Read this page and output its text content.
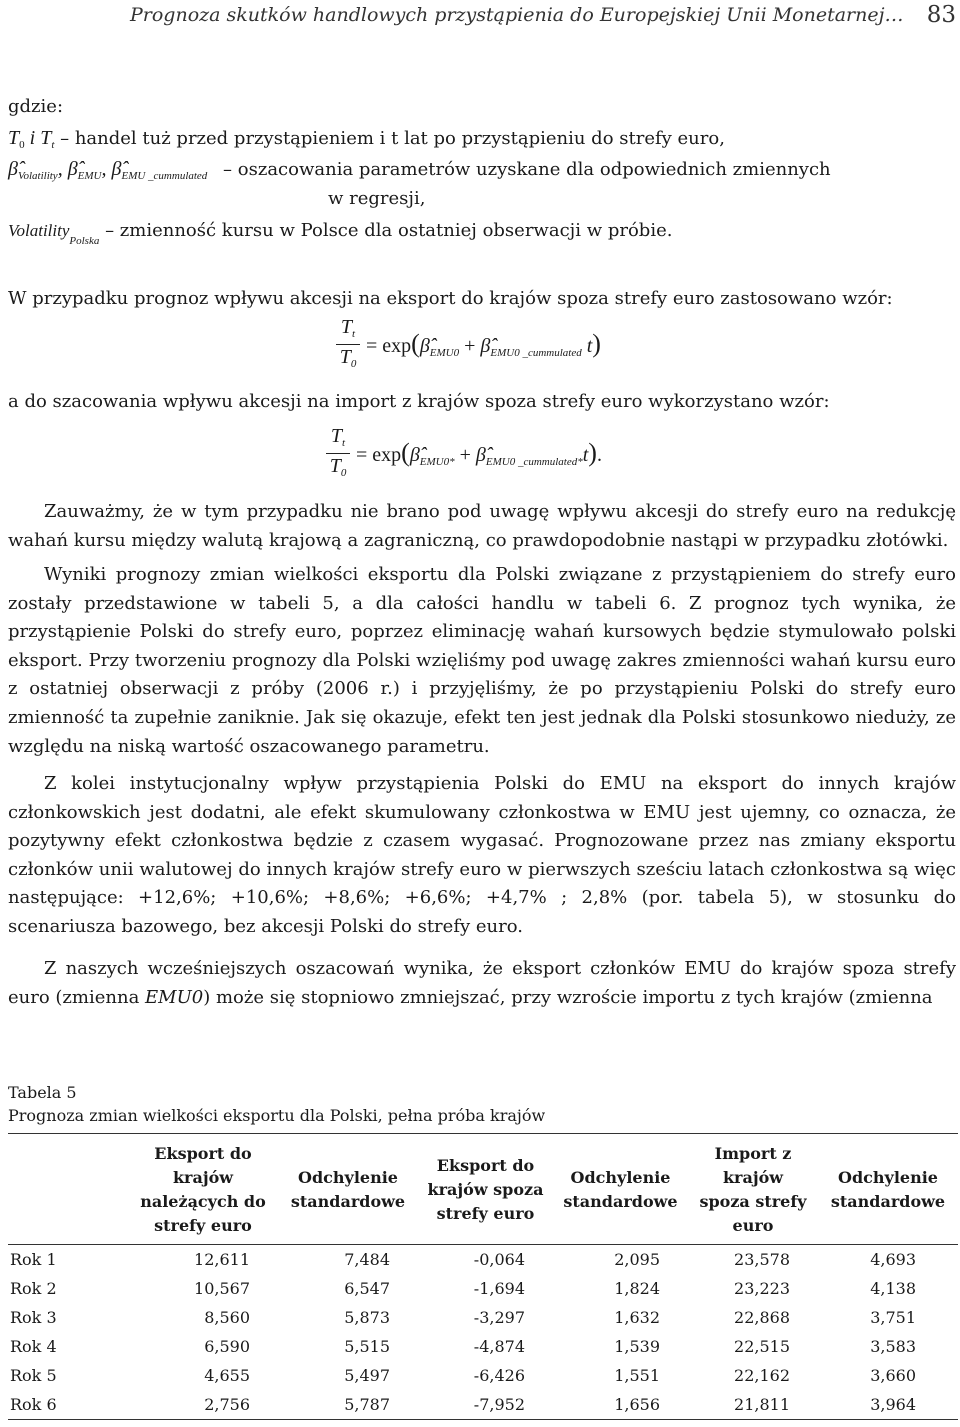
Prognoza skutków handlowych przystąpienia do Europejskiej Unii Monetarnej… 83
gdzie:
$T_0$ i $T_t$ – handel tuż przed przystąpieniem i t lat po przystąpieniu do strefy euro,
$\betâ_{Volatility}$, $\betâ_{EMU}$, $\betâ_{EMU \_cummulated}$ – oszacowania parametrów uzyskane dla odpowiednich zmiennych
w regresji,
Volatility$_{Polska}$ – zmienność kursu w Polsce dla ostatniej obserwacji w próbie.

W przypadku prognoz wpływu akcesji na eksport do krajów spoza strefy euro zastosowano wzór:

$T_t$
$T_0$
= $\exp(\betâ_{EMU0}$ + $\betâ_{EMU0 \_cummulated}$ t)

a do szacowania wpływu akcesji na import z krajów spoza strefy euro wykorzystano wzór:

$T_t$
$T_0$
= $\exp(\betâ_{EMU0*}$ + $\betâ_{EMU0 \_cummulated*}t$).

Zauważmy, że w tym przypadku nie brano pod uwagę wpływu akcesji do strefy euro na redukcję wahań kursu między walutą krajową a zagraniczną, co prawdopodobnie nastąpi w przypadku złotówki.

Wyniki prognozy zmian wielkości eksportu dla Polski związane z przystąpieniem do strefy euro zostały przedstawione w tabeli 5, a dla całości handlu w tabeli 6. Z prognoz tych wynika, że przystąpienie Polski do strefy euro, poprzez eliminację wahań kursowych będzie stymulowało polski eksport. Przy tworzeniu prognozy dla Polski wzięliśmy pod uwagę zakres zmienności wahań kursu euro z ostatniej obserwacji z próby (2006 r.) i przyjęliśmy, że po przystąpieniu Polski do strefy euro zmienność ta zupełnie zaniknie. Jak się okazuje, efekt ten jest jednak dla Polski stosunkowo nieduży, ze względu na niską wartość oszacowanego parametru.

Z kolei instytucjonalny wpływ przystąpienia Polski do EMU na eksport do innych krajów członkowskich jest dodatni, ale efekt skumulowany członkostwa w EMU jest ujemny, co oznacza, że pozytywny efekt członkostwa będzie z czasem wygasać. Prognozowane przez nas zmiany eksportu członków unii walutowej do innych krajów strefy euro w pierwszych sześciu latach członkostwa są więc następujące: +12,6%; +10,6%; +8,6%; +6,6%; +4,7% ; 2,8% (por. tabela 5), w stosunku do scenariusza bazowego, bez akcesji Polski do strefy euro.

Z naszych wcześniejszych oszacowań wynika, że eksport członków EMU do krajów spoza strefy euro (zmienna EMU0) może się stopniowo zmniejszać, przy wzroście importu z tych krajów (zmienna

Tabela 5
Prognoza zmian wielkości eksportu dla Polski, pełna próba krajów
	Eksport do krajów należących do strefy euro	Odchylenie standardowe	Eksport do krajów spoza strefy euro	Odchylenie standardowe	Import z krajów spoza strefy euro	Odchylenie standardowe
Rok 1	12,611	7,484	-0,064	2,095	23,578	4,693
Rok 2	10,567	6,547	-1,694	1,824	23,223	4,138
Rok 3	8,560	5,873	-3,297	1,632	22,868	3,751
Rok 4	6,590	5,515	-4,874	1,539	22,515	3,583
Rok 5	4,655	5,497	-6,426	1,551	22,162	3,660
Rok 6	2,756	5,787	-7,952	1,656	21,811	3,964
